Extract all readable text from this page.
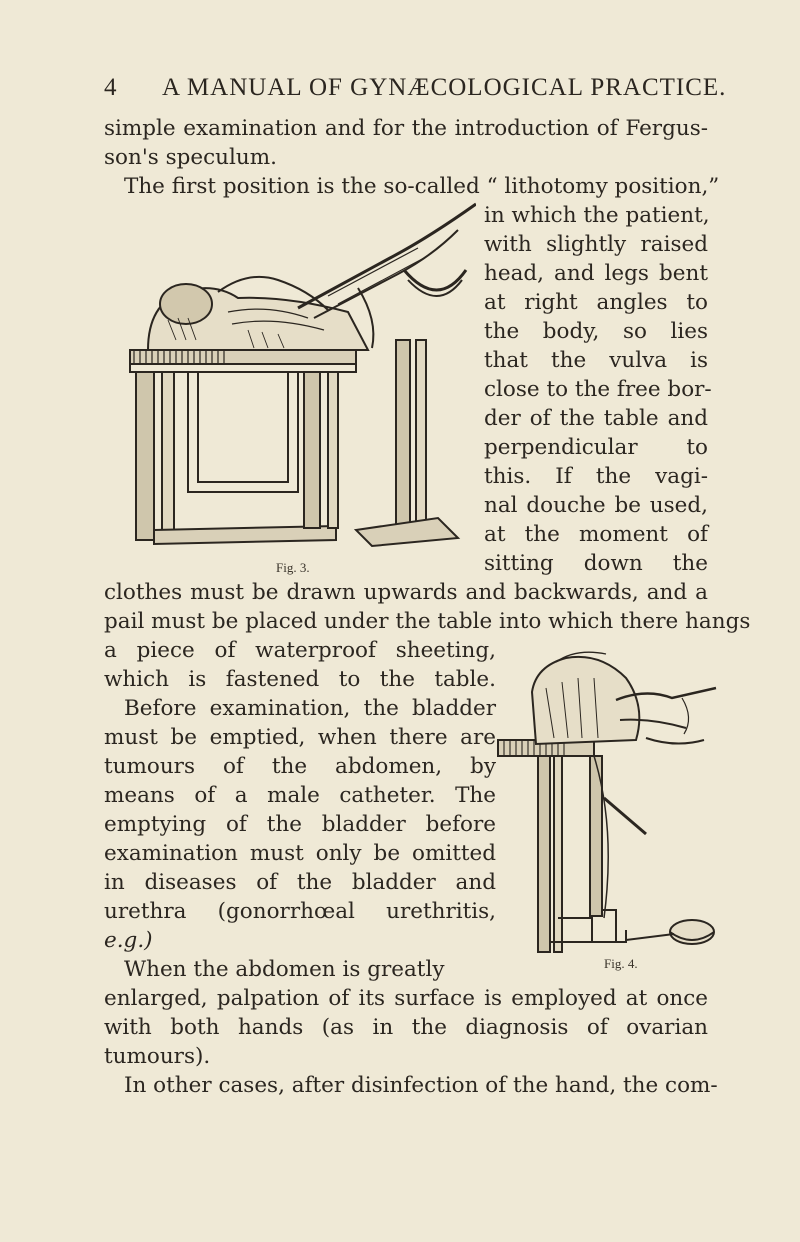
4 A MANUAL OF GYNÆCOLOGICAL PRACTICE.
simple examination and for the introduction of Fergus-
son's speculum.
The first position is the so-called “ lithotomy position,”
Fig. 3.
in which the patient,
with slightly raised
head, and legs bent
at right angles to
the body, so lies
that the vulva is
close to the free bor-
der of the table and
perpendicular to
this. If the vagi-
nal douche be used,
at the moment of
sitting down the
clothes must be drawn upwards and backwards, and a
pail must be placed under the table into which there hangs
a piece of waterproof sheeting,
which is fastened to the table.
Before examination, the bladder
must be emptied, when there are
tumours of the abdomen, by
means of a male catheter. The
emptying of the bladder before
examination must only be omitted
in diseases of the bladder and
urethra (gonorrhœal urethritis,
e.g.)
When the abdomen is greatly	Fig. 4.
enlarged, palpation of its surface is employed at once
with both hands (as in the diagnosis of ovarian
tumours).
In other cases, after disinfection of the hand, the com-
